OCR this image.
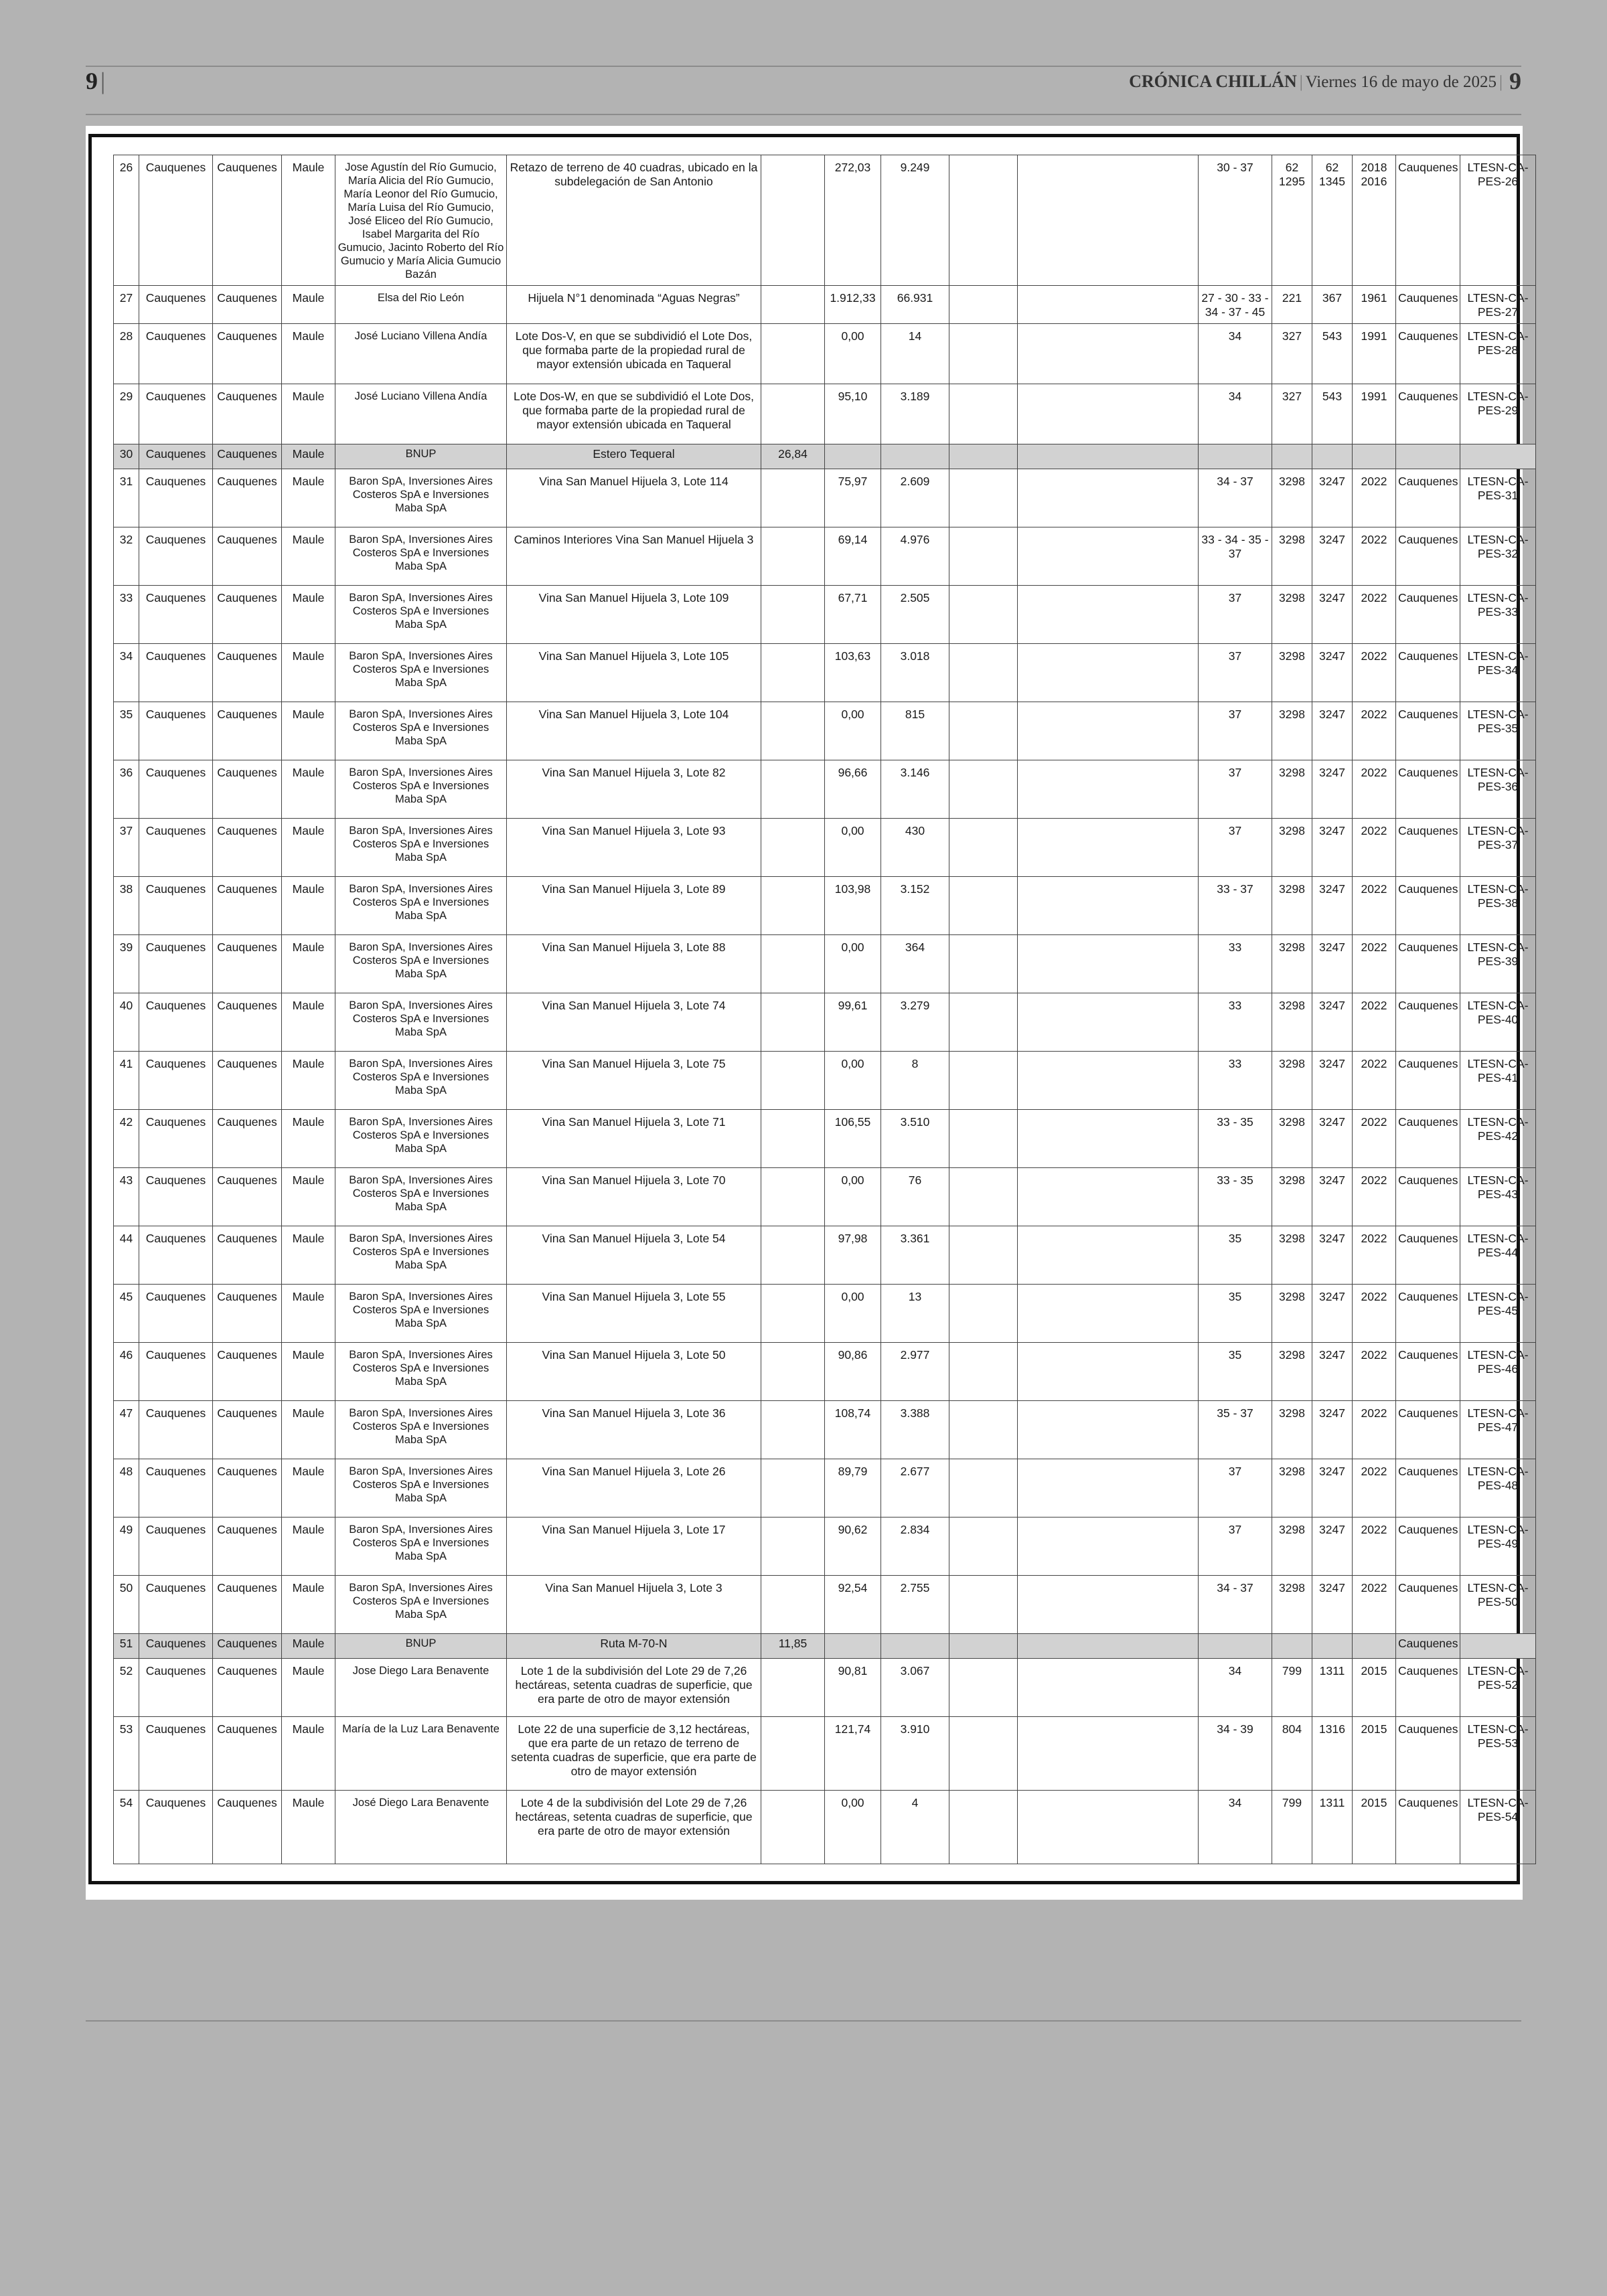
9 |	CRÓNICA CHILLÁN | Viernes 16 de mayo de 2025 | 9
26	Cauquenes	Cauquenes	Maule	Jose Agustín del Río Gumucio, María Alicia del Río Gumucio, María Leonor del Río Gumucio, María Luisa del Río Gumucio, José Eliceo del Río Gumucio, Isabel Margarita del Río Gumucio, Jacinto Roberto del Río Gumucio y María Alicia Gumucio Bazán	Retazo de terreno de 40 cuadras, ubicado en la subdelegación de San Antonio		272,03	9.249			30 - 37	62 1295	62 1345	2018 2016	Cauquenes	LTESN-CA-PES-26
27	Cauquenes	Cauquenes	Maule	Elsa del Rio León	Hijuela N°1 denominada “Aguas Negras”		1.912,33	66.931			27 - 30 - 33 - 34 - 37 - 45	221	367	1961	Cauquenes	LTESN-CA-PES-27
28	Cauquenes	Cauquenes	Maule	José Luciano Villena Andía	Lote Dos-V, en que se subdividió el Lote Dos, que formaba parte de la propiedad rural de mayor extensión ubicada en Taqueral		0,00	14			34	327	543	1991	Cauquenes	LTESN-CA-PES-28
29	Cauquenes	Cauquenes	Maule	José Luciano Villena Andía	Lote Dos-W, en que se subdividió el Lote Dos, que formaba parte de la propiedad rural de mayor extensión ubicada en Taqueral		95,10	3.189			34	327	543	1991	Cauquenes	LTESN-CA-PES-29
30	Cauquenes	Cauquenes	Maule	BNUP	Estero Tequeral	26,84										
31	Cauquenes	Cauquenes	Maule	Baron SpA, Inversiones Aires Costeros SpA e Inversiones Maba SpA	Vina San Manuel Hijuela 3, Lote 114		75,97	2.609			34 - 37	3298	3247	2022	Cauquenes	LTESN-CA-PES-31
32	Cauquenes	Cauquenes	Maule	Baron SpA, Inversiones Aires Costeros SpA e Inversiones Maba SpA	Caminos Interiores Vina San Manuel Hijuela 3		69,14	4.976			33 - 34 - 35 - 37	3298	3247	2022	Cauquenes	LTESN-CA-PES-32
33	Cauquenes	Cauquenes	Maule	Baron SpA, Inversiones Aires Costeros SpA e Inversiones Maba SpA	Vina San Manuel Hijuela 3, Lote 109		67,71	2.505			37	3298	3247	2022	Cauquenes	LTESN-CA-PES-33
34	Cauquenes	Cauquenes	Maule	Baron SpA, Inversiones Aires Costeros SpA e Inversiones Maba SpA	Vina San Manuel Hijuela 3, Lote 105		103,63	3.018			37	3298	3247	2022	Cauquenes	LTESN-CA-PES-34
35	Cauquenes	Cauquenes	Maule	Baron SpA, Inversiones Aires Costeros SpA e Inversiones Maba SpA	Vina San Manuel Hijuela 3, Lote 104		0,00	815			37	3298	3247	2022	Cauquenes	LTESN-CA-PES-35
36	Cauquenes	Cauquenes	Maule	Baron SpA, Inversiones Aires Costeros SpA e Inversiones Maba SpA	Vina San Manuel Hijuela 3, Lote 82		96,66	3.146			37	3298	3247	2022	Cauquenes	LTESN-CA-PES-36
37	Cauquenes	Cauquenes	Maule	Baron SpA, Inversiones Aires Costeros SpA e Inversiones Maba SpA	Vina San Manuel Hijuela 3, Lote 93		0,00	430			37	3298	3247	2022	Cauquenes	LTESN-CA-PES-37
38	Cauquenes	Cauquenes	Maule	Baron SpA, Inversiones Aires Costeros SpA e Inversiones Maba SpA	Vina San Manuel Hijuela 3, Lote 89		103,98	3.152			33 - 37	3298	3247	2022	Cauquenes	LTESN-CA-PES-38
39	Cauquenes	Cauquenes	Maule	Baron SpA, Inversiones Aires Costeros SpA e Inversiones Maba SpA	Vina San Manuel Hijuela 3, Lote 88		0,00	364			33	3298	3247	2022	Cauquenes	LTESN-CA-PES-39
40	Cauquenes	Cauquenes	Maule	Baron SpA, Inversiones Aires Costeros SpA e Inversiones Maba SpA	Vina San Manuel Hijuela 3, Lote 74		99,61	3.279			33	3298	3247	2022	Cauquenes	LTESN-CA-PES-40
41	Cauquenes	Cauquenes	Maule	Baron SpA, Inversiones Aires Costeros SpA e Inversiones Maba SpA	Vina San Manuel Hijuela 3, Lote 75		0,00	8			33	3298	3247	2022	Cauquenes	LTESN-CA-PES-41
42	Cauquenes	Cauquenes	Maule	Baron SpA, Inversiones Aires Costeros SpA e Inversiones Maba SpA	Vina San Manuel Hijuela 3, Lote 71		106,55	3.510			33 - 35	3298	3247	2022	Cauquenes	LTESN-CA-PES-42
43	Cauquenes	Cauquenes	Maule	Baron SpA, Inversiones Aires Costeros SpA e Inversiones Maba SpA	Vina San Manuel Hijuela 3, Lote 70		0,00	76			33 - 35	3298	3247	2022	Cauquenes	LTESN-CA-PES-43
44	Cauquenes	Cauquenes	Maule	Baron SpA, Inversiones Aires Costeros SpA e Inversiones Maba SpA	Vina San Manuel Hijuela 3, Lote 54		97,98	3.361			35	3298	3247	2022	Cauquenes	LTESN-CA-PES-44
45	Cauquenes	Cauquenes	Maule	Baron SpA, Inversiones Aires Costeros SpA e Inversiones Maba SpA	Vina San Manuel Hijuela 3, Lote 55		0,00	13			35	3298	3247	2022	Cauquenes	LTESN-CA-PES-45
46	Cauquenes	Cauquenes	Maule	Baron SpA, Inversiones Aires Costeros SpA e Inversiones Maba SpA	Vina San Manuel Hijuela 3, Lote 50		90,86	2.977			35	3298	3247	2022	Cauquenes	LTESN-CA-PES-46
47	Cauquenes	Cauquenes	Maule	Baron SpA, Inversiones Aires Costeros SpA e Inversiones Maba SpA	Vina San Manuel Hijuela 3, Lote 36		108,74	3.388			35 - 37	3298	3247	2022	Cauquenes	LTESN-CA-PES-47
48	Cauquenes	Cauquenes	Maule	Baron SpA, Inversiones Aires Costeros SpA e Inversiones Maba SpA	Vina San Manuel Hijuela 3, Lote 26		89,79	2.677			37	3298	3247	2022	Cauquenes	LTESN-CA-PES-48
49	Cauquenes	Cauquenes	Maule	Baron SpA, Inversiones Aires Costeros SpA e Inversiones Maba SpA	Vina San Manuel Hijuela 3, Lote 17		90,62	2.834			37	3298	3247	2022	Cauquenes	LTESN-CA-PES-49
50	Cauquenes	Cauquenes	Maule	Baron SpA, Inversiones Aires Costeros SpA e Inversiones Maba SpA	Vina San Manuel Hijuela 3, Lote 3		92,54	2.755			34 - 37	3298	3247	2022	Cauquenes	LTESN-CA-PES-50
51	Cauquenes	Cauquenes	Maule	BNUP	Ruta M-70-N	11,85									Cauquenes	
52	Cauquenes	Cauquenes	Maule	Jose Diego Lara Benavente	Lote 1 de la subdivisión del Lote 29 de 7,26 hectáreas, setenta cuadras de superficie, que era parte de otro de mayor extensión		90,81	3.067			34	799	1311	2015	Cauquenes	LTESN-CA-PES-52
53	Cauquenes	Cauquenes	Maule	María de la Luz Lara Benavente	Lote 22 de una superficie de 3,12 hectáreas, que era parte de un retazo de terreno de setenta cuadras de superficie, que era parte de otro de mayor extensión		121,74	3.910			34 - 39	804	1316	2015	Cauquenes	LTESN-CA-PES-53
54	Cauquenes	Cauquenes	Maule	José Diego Lara Benavente	Lote 4 de la subdivisión del Lote 29 de 7,26 hectáreas, setenta cuadras de superficie, que era parte de otro de mayor extensión		0,00	4			34	799	1311	2015	Cauquenes	LTESN-CA-PES-54
